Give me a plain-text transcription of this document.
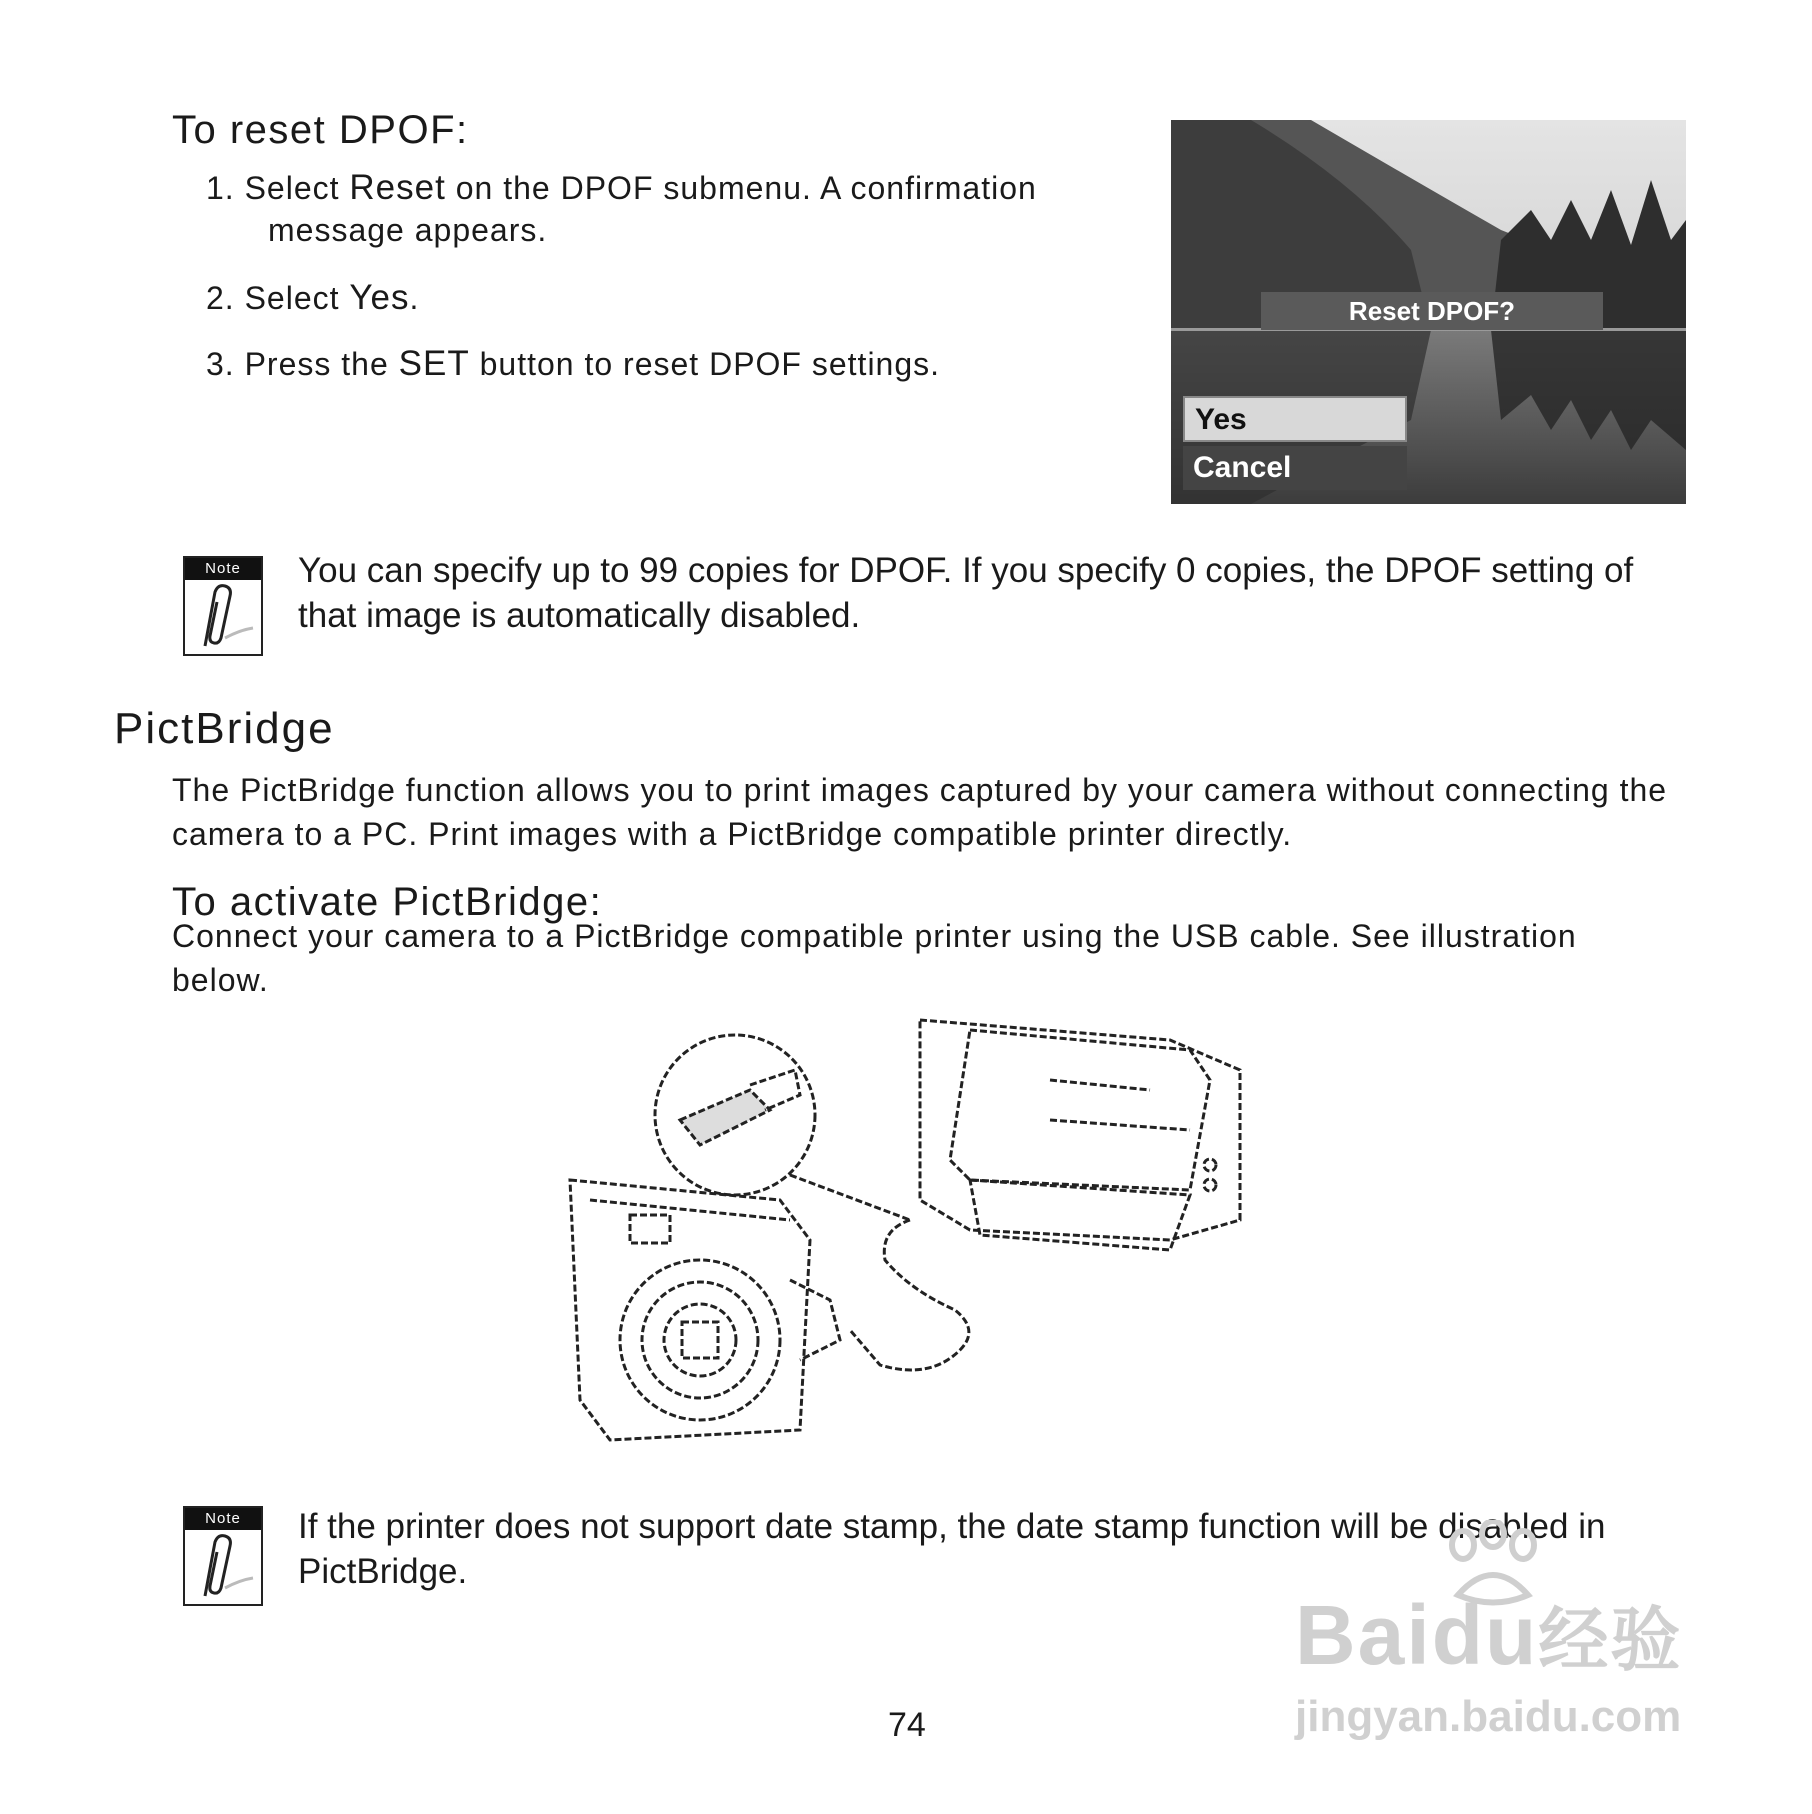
To reset DPOF:
1. Select Reset on the DPOF submenu. A confirmation
message appears.
2. Select Yes.
3. Press the SET button to reset DPOF settings.
Reset DPOF?
Yes
Cancel
Note	You can specify up to 99 copies for DPOF. If you specify 0 copies, the DPOF setting of that image is automatically disabled.
PictBridge
The PictBridge function allows you to print images captured by your camera without connecting the camera to a PC. Print images with a PictBridge compatible printer directly.
To activate PictBridge:
Connect your camera to a PictBridge compatible printer using the USB cable. See illustration below.
Note	If the printer does not support date stamp, the date stamp function will be disabled in PictBridge.
74
Baidu经验
jingyan.baidu.com
